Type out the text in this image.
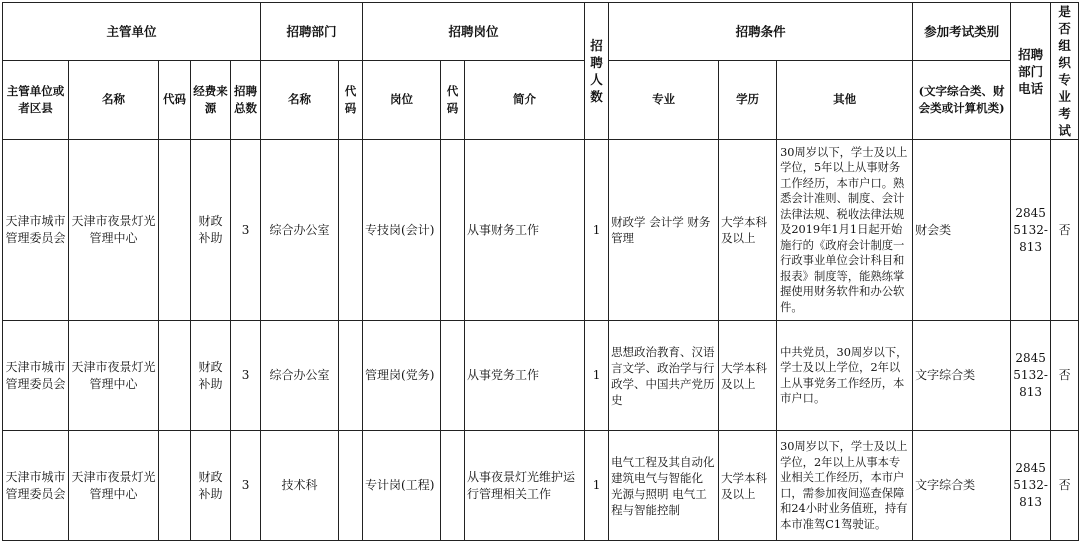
主管单位					招聘部门		招聘岗位			招聘人数	招聘条件			参加考试类别	招聘部门电话	是否组织专业考试
主管单位或者区县	名称	代码	经费来源	招聘总数	名称	代码	岗位	代码	简介		专业	学历	其他	(文字综合类、财会类或计算机类)		
天津市城市管理委员会	天津市夜景灯光管理中心		财政补助	3	综合办公室		专技岗(会计)		从事财务工作	1	财政学 会计学 财务管理	大学本科及以上	30周岁以下，学士及以上学位，5年以上从事财务工作经历，本市户口。熟悉会计准则、制度、会计法律法规、税收法律法规及2019年1月1日起开始施行的《政府会计制度一行政事业单位会计科目和报表》制度等，能熟练掌握使用财务软件和办公软件。	财会类	2845 5132-813	否
天津市城市管理委员会	天津市夜景灯光管理中心		财政补助	3	综合办公室		管理岗(党务)		从事党务工作	1	思想政治教育、汉语言文学、政治学与行政学、中国共产党历史	大学本科及以上	中共党员，30周岁以下，学士及以上学位，2年以上从事党务工作经历，本市户口。	文字综合类	2845 5132-813	否
天津市城市管理委员会	天津市夜景灯光管理中心		财政补助	3	技术科		专计岗(工程)		从事夜景灯光维护运行管理相关工作	1	电气工程及其自动化 建筑电气与智能化 光源与照明 电气工程与智能控制	大学本科及以上	30周岁以下，学士及以上学位，2年以上从事本专业相关工作经历，本市户口，需参加夜间巡查保障和24小时业务值班，持有本市准驾C1驾驶证。	文字综合类	2845 5132-813	否
